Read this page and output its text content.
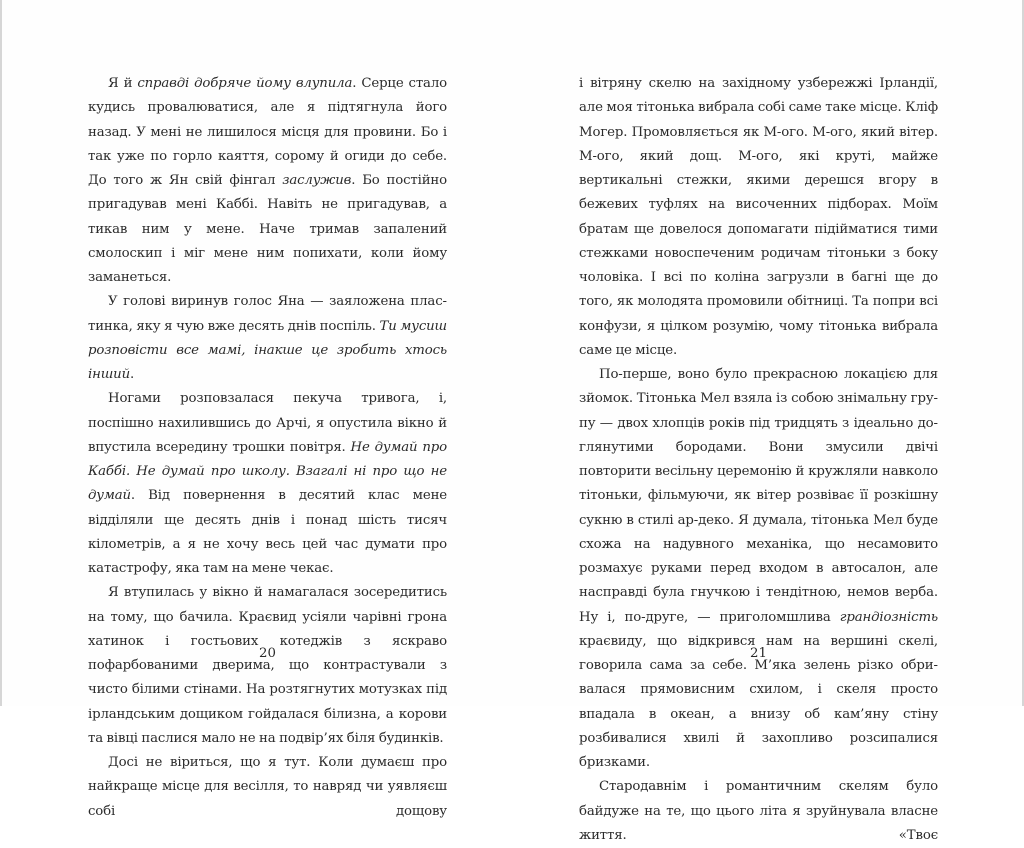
Я й справді добряче йому влупила. Серце стало кудись провалюватися, але я підтягнула його назад. У мені не лишилося місця для провини. Бо і так уже по горло каяття, сорому й огиди до себе. До того ж Ян свій фінгал заслужив. Бо постійно пригадував мені Каббі. Навіть не пригадував, а тикав ним у мене. Наче тримав запалений смолоскип і міг мене ним попихати, коли йому заманеться.

У голові виринув голос Яна — заяложена пластинка, яку я чую вже десять днів поспіль. Ти мусиш розповісти все мамі, інакше це зробить хтось інший.

Ногами розповзалася пекуча тривога, і, поспішно нахилившись до Арчі, я опустила вікно й впустила всередину трошки повітря. Не думай про Каббі. Не думай про школу. Взагалі ні про що не думай. Від повернення в десятий клас мене відділяли ще десять днів і понад шість тисяч кілометрів, а я не хочу весь цей час думати про катастрофу, яка там на мене чекає.

Я втупилась у вікно й намагалася зосередитись на тому, що бачила. Краєвид усіяли чарівні грона хатинок і гостьових котеджів з яскраво пофарбованими дверима, що контрастували з чисто білими стінами. На розтягнутих мотузках під ірландським дощиком гойдалася білизна, а корови та вівці паслися мало не на подвір’ях біля будинків.

Досі не віриться, що я тут. Коли думаєш про найкраще місце для весілля, то навряд чи уявляєш собі дощову

і вітряну скелю на західному узбережжі Ірландії, але моя тітонька вибрала собі саме таке місце. Кліф Могер. Промовляється як М-ого. М-ого, який вітер. М-ого, який дощ. М-ого, які круті, майже вертикальні стежки, якими дерешся вгору в бежевих туфлях на височенних підборах. Моїм братам ще довелося допомагати підійматися тими стежками новоспеченим родичам тітоньки з боку чоловіка. І всі по коліна загрузли в багні ще до того, як молодята промовили обітниці. Та попри всі конфузи, я цілком розумію, чому тітонька вибрала саме це місце.

По-перше, воно було прекрасною локацією для зйомок. Тітонька Мел взяла із собою знімальну групу — двох хлопців років під тридцять з ідеально доглянутими бородами. Вони змусили двічі повторити весільну церемонію й кружляли навколо тітоньки, фільмуючи, як вітер розвіває її розкішну сукню в стилі ар-деко. Я думала, тітонька Мел буде схожа на надувного механіка, що несамовито розмахує руками перед входом в автосалон, але насправді була гнучкою і тендітною, немов верба. Ну і, по-друге, — приголомшлива грандіозність краєвиду, що відкрився нам на вершині скелі, говорила сама за себе. М’яка зелень різко обривалася прямовисним схилом, і скеля просто впадала в океан, а внизу об кам’яну стіну розбивалися хвилі й захопливо розсипалися бризками.

Стародавнім і романтичним скелям було байдуже на те, що цього літа я зруйнувала власне життя. «Твоє

20	21
